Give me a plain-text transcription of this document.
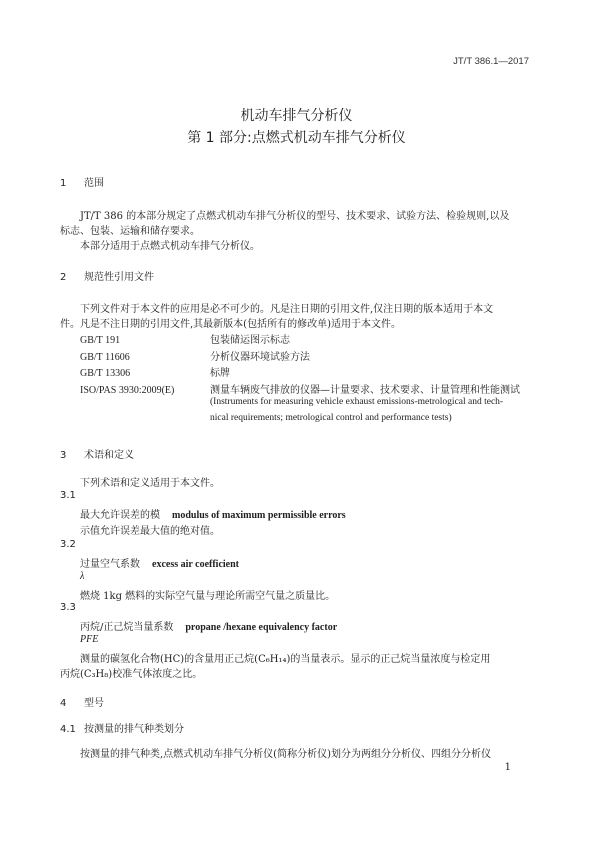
JT/T 386.1—2017
机动车排气分析仪
第 1 部分:点燃式机动车排气分析仪
1 范围
JT/T 386 的本部分规定了点燃式机动车排气分析仪的型号、技术要求、试验方法、检验规则,以及
标志、包装、运输和储存要求。
本部分适用于点燃式机动车排气分析仪。
2 规范性引用文件
下列文件对于本文件的应用是必不可少的。凡是注日期的引用文件,仅注日期的版本适用于本文
件。凡是不注日期的引用文件,其最新版本(包括所有的修改单)适用于本文件。
GB/T 191	包装储运图示标志
GB/T 11606	分析仪器环境试验方法
GB/T 13306	标牌
ISO/PAS 3930:2009(E)	测量车辆废气排放的仪器—计量要求、技术要求、计量管理和性能测试
(Instruments for measuring vehicle exhaust emissions-metrological and tech-
nical requirements; metrological control and performance tests)
3 术语和定义
下列术语和定义适用于本文件。
3.1
最大允许误差的模 modulus of maximum permissible errors
示值允许误差最大值的绝对值。
3.2
过量空气系数 excess air coefficient
λ
燃烧 1kg 燃料的实际空气量与理论所需空气量之质量比。
3.3
丙烷/正己烷当量系数 propane /hexane equivalency factor
PFE
测量的碳氢化合物(HC)的含量用正己烷(C₆H₁₄)的当量表示。显示的正己烷当量浓度与检定用
丙烷(C₃H₈)校准气体浓度之比。
4 型号
4.1 按测量的排气种类划分
按测量的排气种类,点燃式机动车排气分析仪(简称分析仪)划分为两组分分析仪、四组分分析仪
1
